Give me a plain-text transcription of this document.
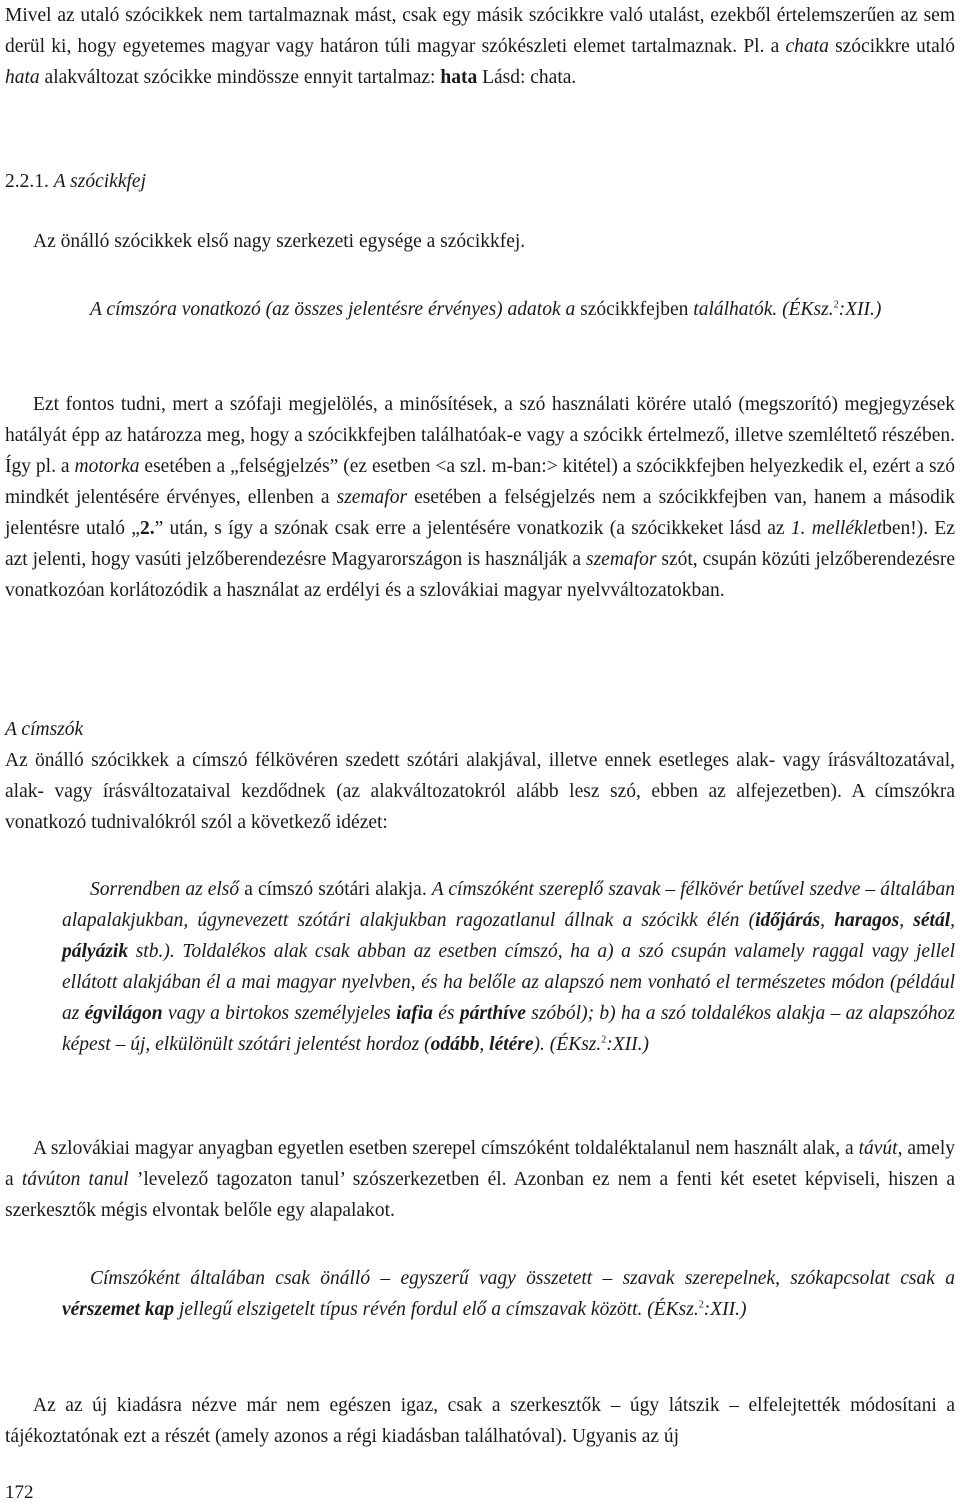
Mivel az utaló szócikkek nem tartalmaznak mást, csak egy másik szócikkre való utalást, ezekből értelemszerűen az sem derül ki, hogy egyetemes magyar vagy határon túli magyar szókészleti elemet tartalmaznak. Pl. a chata szócikkre utaló hata alakváltozat szócikke mindössze ennyit tartalmaz: hata Lásd: chata.

2.2.1. A szócikkfej

Az önálló szócikkek első nagy szerkezeti egysége a szócikkfej.

A címszóra vonatkozó (az összes jelentésre érvényes) adatok a szócikkfejben találhatók. (ÉKsz.$^2$:XII.)

Ezt fontos tudni, mert a szófaji megjelölés, a minősítések, a szó használati körére utaló (megszorító) megjegyzések hatályát épp az határozza meg, hogy a szócikkfejben találhatóak-e vagy a szócikk értelmező, illetve szemléltető részében. Így pl. a motorka esetében a „felségjelzés” (ez esetben <a szl. m-ban:> kitétel) a szócikkfejben helyezkedik el, ezért a szó mindkét jelentésére érvényes, ellenben a szemafor esetében a felségjelzés nem a szócikkfejben van, hanem a második jelentésre utaló „2.” után, s így a szónak csak erre a jelentésére vonatkozik (a szócikkeket lásd az 1. mellékletben!). Ez azt jelenti, hogy vasúti jelzőberendezésre Magyarországon is használják a szemafor szót, csupán közúti jelzőberendezésre vonatkozóan korlátozódik a használat az erdélyi és a szlovákiai magyar nyelvváltozatokban.

A címszók

Az önálló szócikkek a címszó félkövéren szedett szótári alakjával, illetve ennek esetleges alak- vagy írásváltozatával, alak- vagy írásváltozataival kezdődnek (az alakváltozatokról alább lesz szó, ebben az alfejezetben). A címszókra vonatkozó tudnivalókról szól a következő idézet:

Sorrendben az első a címszó szótári alakja. A címszóként szereplő szavak – félkövér betűvel szedve – általában alapalakjukban, úgynevezett szótári alakjukban ragozatlanul állnak a szócikk élén (időjárás, haragos, sétál, pályázik stb.). Toldalékos alak csak abban az esetben címszó, ha a) a szó csupán valamely raggal vagy jellel ellátott alakjában él a mai magyar nyelvben, és ha belőle az alapszó nem vonható el természetes módon (például az égvilágon vagy a birtokos személyjeles iafia és párthíve szóból); b) ha a szó toldalékos alakja – az alapszóhoz képest – új, elkülönült szótári jelentést hordoz (odább, létére). (ÉKsz.$^2$:XII.)

A szlovákiai magyar anyagban egyetlen esetben szerepel címszóként toldaléktalanul nem használt alak, a távút, amely a távúton tanul ’levelező tagozaton tanul’ szószerkezetben él. Azonban ez nem a fenti két esetet képviseli, hiszen a szerkesztők mégis elvontak belőle egy alapalakot.

Címszóként általában csak önálló – egyszerű vagy összetett – szavak szerepelnek, szókapcsolat csak a vérszemet kap jellegű elszigetelt típus révén fordul elő a címszavak között. (ÉKsz.$^2$:XII.)

Az az új kiadásra nézve már nem egészen igaz, csak a szerkesztők – úgy látszik – elfelejtették módosítani a tájékoztatónak ezt a részét (amely azonos a régi kiadásban találhatóval). Ugyanis az új

172
